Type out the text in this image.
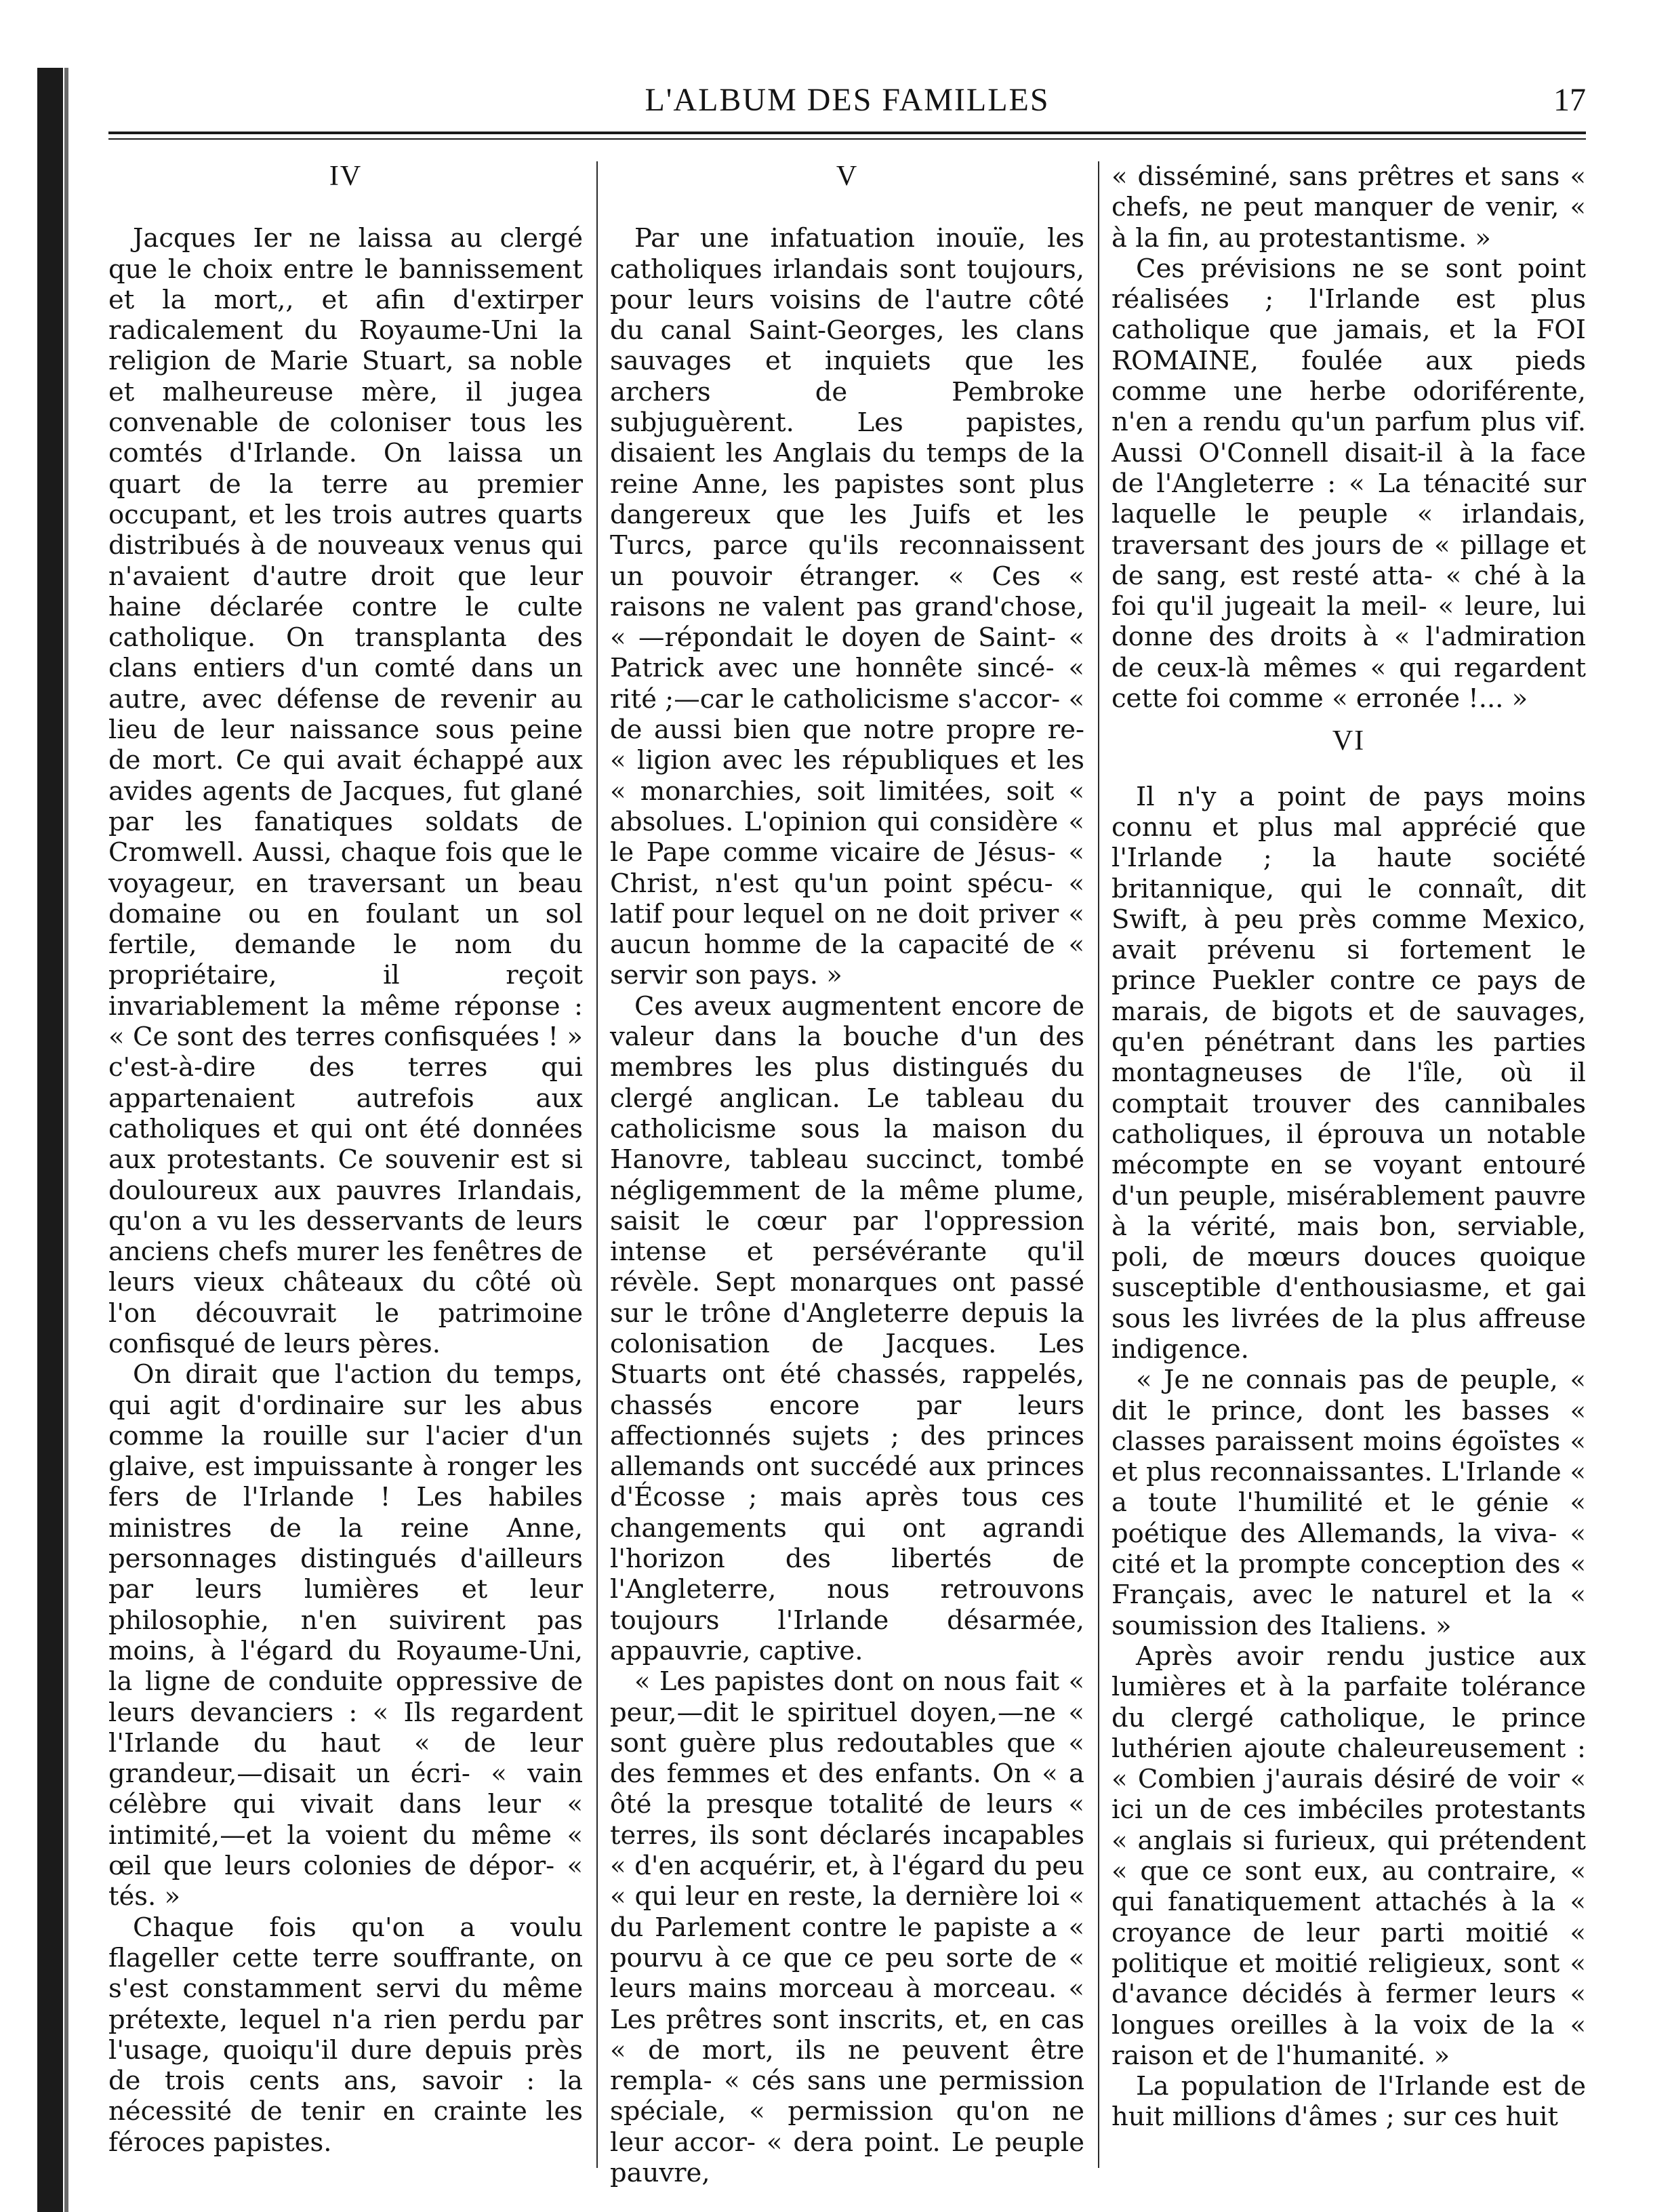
L'ALBUM DES FAMILLES	17

IV

Jacques Ier ne laissa au clergé que le choix entre le bannissement et la mort,, et afin d'extirper radicalement du Royaume-Uni la religion de Marie Stuart, sa noble et malheureuse mère, il jugea convenable de coloniser tous les comtés d'Irlande. On laissa un quart de la terre au premier occupant, et les trois autres quarts distribués à de nouveaux venus qui n'avaient d'autre droit que leur haine déclarée contre le culte catholique. On transplanta des clans entiers d'un comté dans un autre, avec défense de revenir au lieu de leur naissance sous peine de mort. Ce qui avait échappé aux avides agents de Jacques, fut glané par les fanatiques soldats de Cromwell. Aussi, chaque fois que le voyageur, en traversant un beau domaine ou en foulant un sol fertile, demande le nom du propriétaire, il reçoit invariablement la même réponse : « Ce sont des terres confisquées ! » c'est-à-dire des terres qui appartenaient autrefois aux catholiques et qui ont été données aux protestants. Ce souvenir est si douloureux aux pauvres Irlandais, qu'on a vu les desservants de leurs anciens chefs murer les fenêtres de leurs vieux châteaux du côté où l'on découvrait le patrimoine confisqué de leurs pères.

On dirait que l'action du temps, qui agit d'ordinaire sur les abus comme la rouille sur l'acier d'un glaive, est impuissante à ronger les fers de l'Irlande ! Les habiles ministres de la reine Anne, personnages distingués d'ailleurs par leurs lumières et leur philosophie, n'en suivirent pas moins, à l'égard du Royaume-Uni, la ligne de conduite oppressive de leurs devanciers : « Ils regardent l'Irlande du haut « de leur grandeur,—disait un écri- « vain célèbre qui vivait dans leur « intimité,—et la voient du même « œil que leurs colonies de dépor- « tés. »

Chaque fois qu'on a voulu flageller cette terre souffrante, on s'est constamment servi du même prétexte, lequel n'a rien perdu par l'usage, quoiqu'il dure depuis près de trois cents ans, savoir : la nécessité de tenir en crainte les féroces papistes.

V

Par une infatuation inouïe, les catholiques irlandais sont toujours, pour leurs voisins de l'autre côté du canal Saint-Georges, les clans sauvages et inquiets que les archers de Pembroke subjuguèrent. Les papistes, disaient les Anglais du temps de la reine Anne, les papistes sont plus dangereux que les Juifs et les Turcs, parce qu'ils reconnaissent un pouvoir étranger. « Ces « raisons ne valent pas grand'chose, « —répondait le doyen de Saint- « Patrick avec une honnête sincé- « rité ;—car le catholicisme s'accor- « de aussi bien que notre propre re- « ligion avec les républiques et les « monarchies, soit limitées, soit « absolues. L'opinion qui considère « le Pape comme vicaire de Jésus- « Christ, n'est qu'un point spécu- « latif pour lequel on ne doit priver « aucun homme de la capacité de « servir son pays. »

Ces aveux augmentent encore de valeur dans la bouche d'un des membres les plus distingués du clergé anglican. Le tableau du catholicisme sous la maison du Hanovre, tableau succinct, tombé négligemment de la même plume, saisit le cœur par l'oppression intense et persévérante qu'il révèle. Sept monarques ont passé sur le trône d'Angleterre depuis la colonisation de Jacques. Les Stuarts ont été chassés, rappelés, chassés encore par leurs affectionnés sujets ; des princes allemands ont succédé aux princes d'Écosse ; mais après tous ces changements qui ont agrandi l'horizon des libertés de l'Angleterre, nous retrouvons toujours l'Irlande désarmée, appauvrie, captive.

« Les papistes dont on nous fait « peur,—dit le spirituel doyen,—ne « sont guère plus redoutables que « des femmes et des enfants. On « a ôté la presque totalité de leurs « terres, ils sont déclarés incapables « d'en acquérir, et, à l'égard du peu « qui leur en reste, la dernière loi « du Parlement contre le papiste a « pourvu à ce que ce peu sorte de « leurs mains morceau à morceau. « Les prêtres sont inscrits, et, en cas « de mort, ils ne peuvent être rempla- « cés sans une permission spéciale, « permission qu'on ne leur accor- « dera point. Le peuple pauvre,

« disséminé, sans prêtres et sans « chefs, ne peut manquer de venir, « à la fin, au protestantisme. »

Ces prévisions ne se sont point réalisées ; l'Irlande est plus catholique que jamais, et la FOI ROMAINE, foulée aux pieds comme une herbe odoriférente, n'en a rendu qu'un parfum plus vif. Aussi O'Connell disait-il à la face de l'Angleterre : « La ténacité sur laquelle le peuple « irlandais, traversant des jours de « pillage et de sang, est resté atta- « ché à la foi qu'il jugeait la meil- « leure, lui donne des droits à « l'admiration de ceux-là mêmes « qui regardent cette foi comme « erronée !... »

VI

Il n'y a point de pays moins connu et plus mal apprécié que l'Irlande ; la haute société britannique, qui le connaît, dit Swift, à peu près comme Mexico, avait prévenu si fortement le prince Puekler contre ce pays de marais, de bigots et de sauvages, qu'en pénétrant dans les parties montagneuses de l'île, où il comptait trouver des cannibales catholiques, il éprouva un notable mécompte en se voyant entouré d'un peuple, misérablement pauvre à la vérité, mais bon, serviable, poli, de mœurs douces quoique susceptible d'enthousiasme, et gai sous les livrées de la plus affreuse indigence.

« Je ne connais pas de peuple, « dit le prince, dont les basses « classes paraissent moins égoïstes « et plus reconnaissantes. L'Irlande « a toute l'humilité et le génie « poétique des Allemands, la viva- « cité et la prompte conception des « Français, avec le naturel et la « soumission des Italiens. »

Après avoir rendu justice aux lumières et à la parfaite tolérance du clergé catholique, le prince luthérien ajoute chaleureusement : « Combien j'aurais désiré de voir « ici un de ces imbéciles protestants « anglais si furieux, qui prétendent « que ce sont eux, au contraire, « qui fanatiquement attachés à la « croyance de leur parti moitié « politique et moitié religieux, sont « d'avance décidés à fermer leurs « longues oreilles à la voix de la « raison et de l'humanité. »

La population de l'Irlande est de huit millions d'âmes ; sur ces huit
